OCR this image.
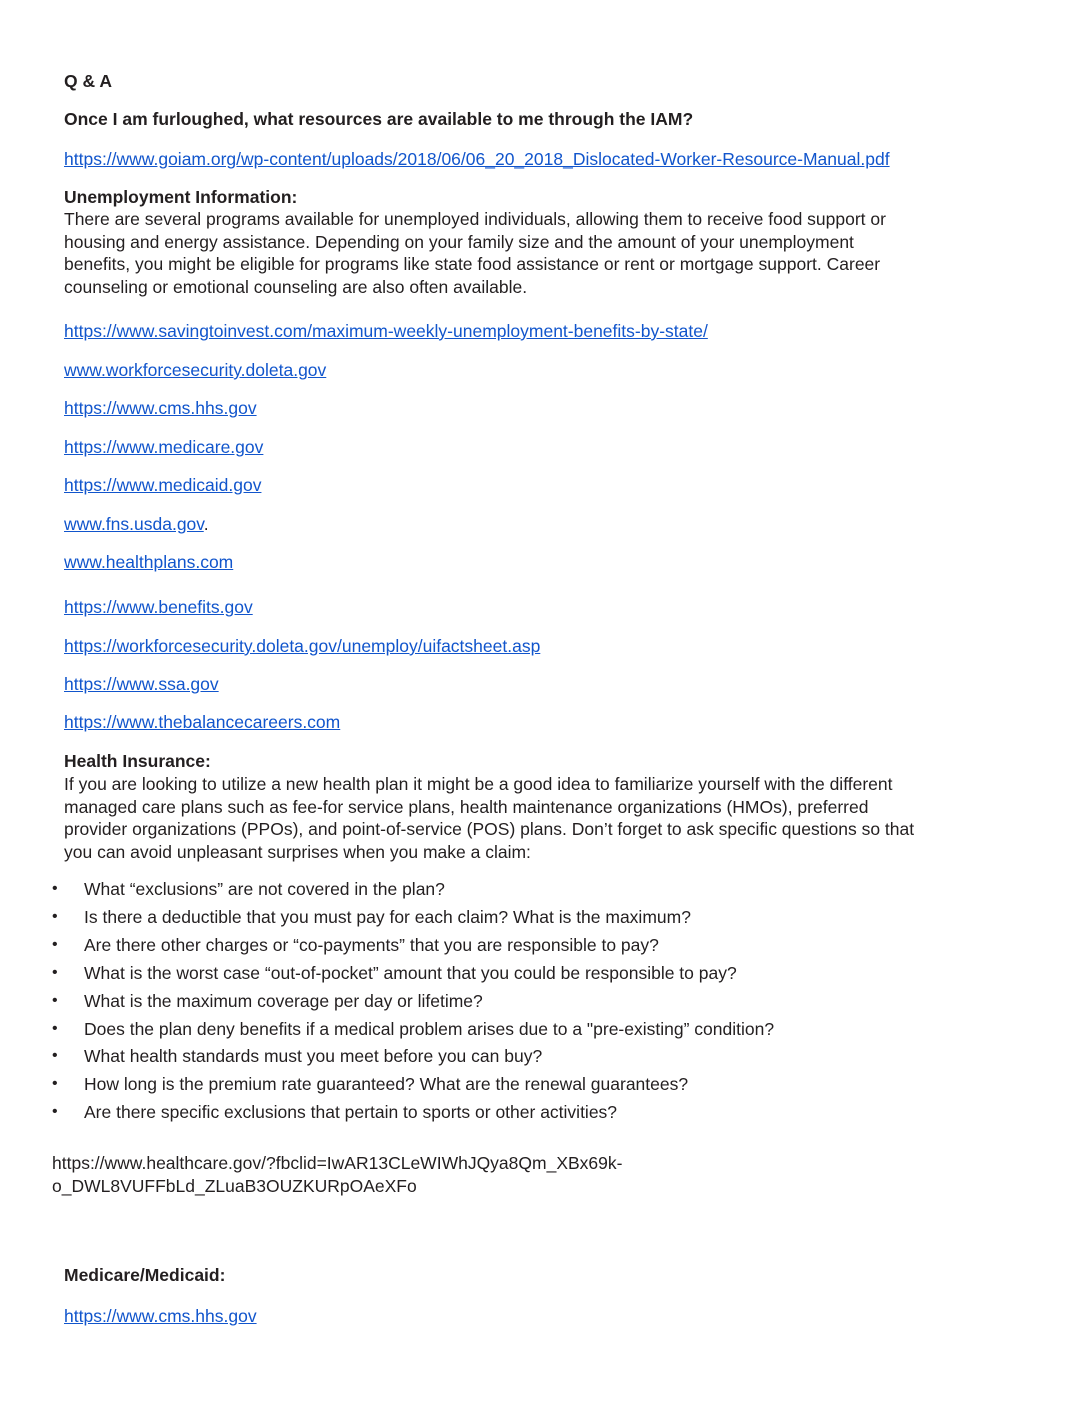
Q & A
Once I am furloughed, what resources are available to me through the IAM?
https://www.goiam.org/wp-content/uploads/2018/06/06_20_2018_Dislocated-Worker-Resource-Manual.pdf
Unemployment Information:
There are several programs available for unemployed individuals, allowing them to receive food support or
housing and energy assistance. Depending on your family size and the amount of your unemployment
benefits, you might be eligible for programs like state food assistance or rent or mortgage support. Career
counseling or emotional counseling are also often available.
https://www.savingtoinvest.com/maximum-weekly-unemployment-benefits-by-state/
www.workforcesecurity.doleta.gov
https://www.cms.hhs.gov
https://www.medicare.gov
https://www.medicaid.gov
www.fns.usda.gov.
www.healthplans.com
https://www.benefits.gov
https://workforcesecurity.doleta.gov/unemploy/uifactsheet.asp
https://www.ssa.gov
https://www.thebalancecareers.com
Health Insurance:
If you are looking to utilize a new health plan it might be a good idea to familiarize yourself with the different
managed care plans such as fee-for service plans, health maintenance organizations (HMOs), preferred
provider organizations (PPOs), and point-of-service (POS) plans. Don’t forget to ask specific questions so that
you can avoid unpleasant surprises when you make a claim:
• What “exclusions” are not covered in the plan?
• Is there a deductible that you must pay for each claim? What is the maximum?
• Are there other charges or “co-payments” that you are responsible to pay?
• What is the worst case “out-of-pocket” amount that you could be responsible to pay?
• What is the maximum coverage per day or lifetime?
• Does the plan deny benefits if a medical problem arises due to a "pre-existing” condition?
• What health standards must you meet before you can buy?
• How long is the premium rate guaranteed? What are the renewal guarantees?
• Are there specific exclusions that pertain to sports or other activities?
https://www.healthcare.gov/?fbclid=IwAR13CLeWIWhJQya8Qm_XBx69k-
o_DWL8VUFFbLd_ZLuaB3OUZKURpOAeXFo
Medicare/Medicaid:
https://www.cms.hhs.gov
